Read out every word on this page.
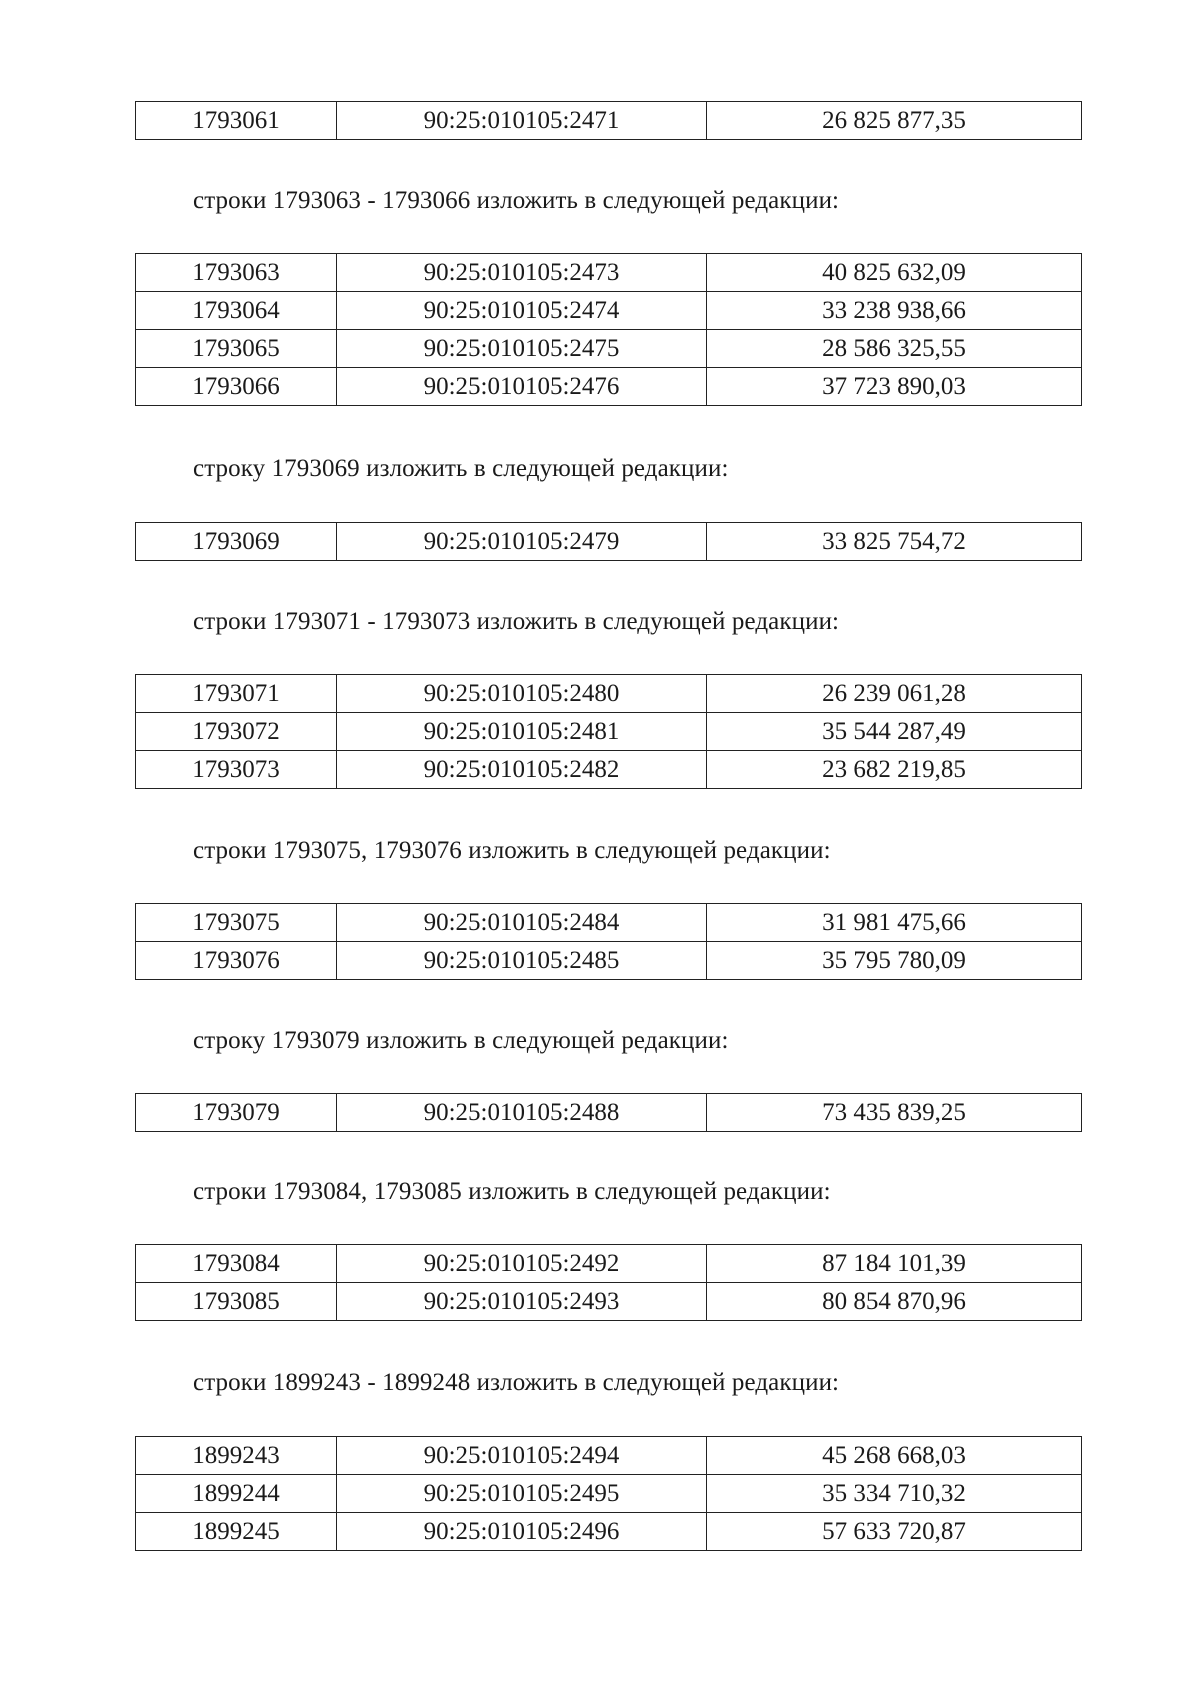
1793061	90:25:010105:2471	26 825 877,35
строки 1793063 - 1793066 изложить в следующей редакции:
1793063	90:25:010105:2473	40 825 632,09
1793064	90:25:010105:2474	33 238 938,66
1793065	90:25:010105:2475	28 586 325,55
1793066	90:25:010105:2476	37 723 890,03
строку 1793069 изложить в следующей редакции:
1793069	90:25:010105:2479	33 825 754,72
строки 1793071 - 1793073 изложить в следующей редакции:
1793071	90:25:010105:2480	26 239 061,28
1793072	90:25:010105:2481	35 544 287,49
1793073	90:25:010105:2482	23 682 219,85
строки 1793075, 1793076 изложить в следующей редакции:
1793075	90:25:010105:2484	31 981 475,66
1793076	90:25:010105:2485	35 795 780,09
строку 1793079 изложить в следующей редакции:
1793079	90:25:010105:2488	73 435 839,25
строки 1793084, 1793085 изложить в следующей редакции:
1793084	90:25:010105:2492	87 184 101,39
1793085	90:25:010105:2493	80 854 870,96
строки 1899243 - 1899248 изложить в следующей редакции:
1899243	90:25:010105:2494	45 268 668,03
1899244	90:25:010105:2495	35 334 710,32
1899245	90:25:010105:2496	57 633 720,87
